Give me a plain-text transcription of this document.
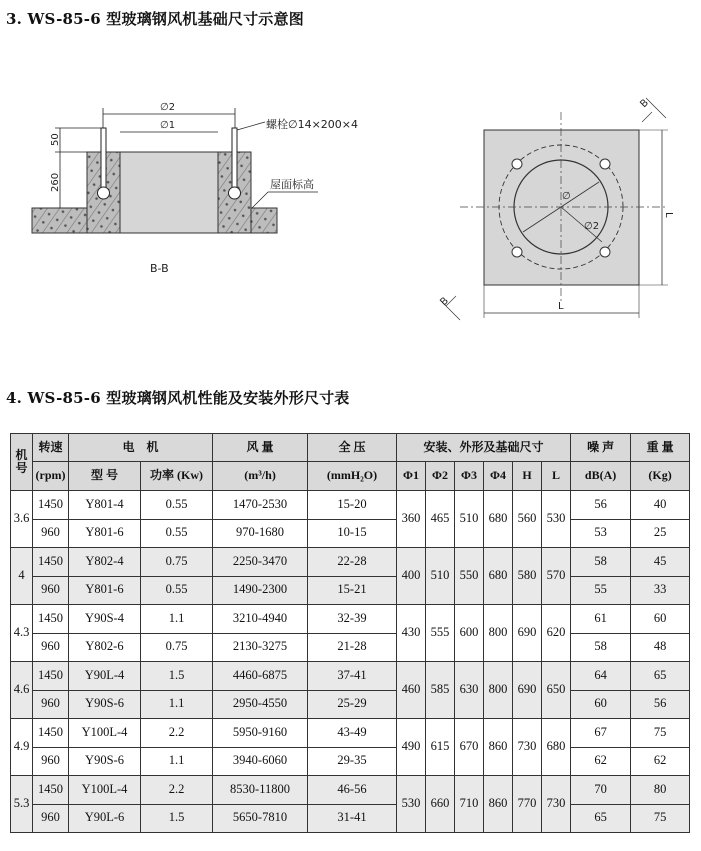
3. WS-85-6 型玻璃钢风机基础尺寸示意图
∅2
∅1
50
260
螺栓∅14×200×4
屋面标高
B-B
∅
∅2
L
L
B
B
4. WS-85-6 型玻璃钢风机性能及安装外形尺寸表
机号	转速	电　机		风 量	全 压	安装、外形及基础尺寸						噪 声	重 量
	(rpm)	型 号	功率 (Kw)	(m³/h)	(mmH₂O)	Φ1	Φ2	Φ3	Φ4	H	L	dB(A)	(Kg)
3.6	1450	Y801-4	0.55	1470-2530	15-20	360	465	510	680	560	530	56	40
	960	Y801-6	0.55	970-1680	10-15							53	25
4	1450	Y802-4	0.75	2250-3470	22-28	400	510	550	680	580	570	58	45
	960	Y801-6	0.55	1490-2300	15-21							55	33
4.3	1450	Y90S-4	1.1	3210-4940	32-39	430	555	600	800	690	620	61	60
	960	Y802-6	0.75	2130-3275	21-28							58	48
4.6	1450	Y90L-4	1.5	4460-6875	37-41	460	585	630	800	690	650	64	65
	960	Y90S-6	1.1	2950-4550	25-29							60	56
4.9	1450	Y100L-4	2.2	5950-9160	43-49	490	615	670	860	730	680	67	75
	960	Y90S-6	1.1	3940-6060	29-35							62	62
5.3	1450	Y100L-4	2.2	8530-11800	46-56	530	660	710	860	770	730	70	80
	960	Y90L-6	1.5	5650-7810	31-41							65	75
